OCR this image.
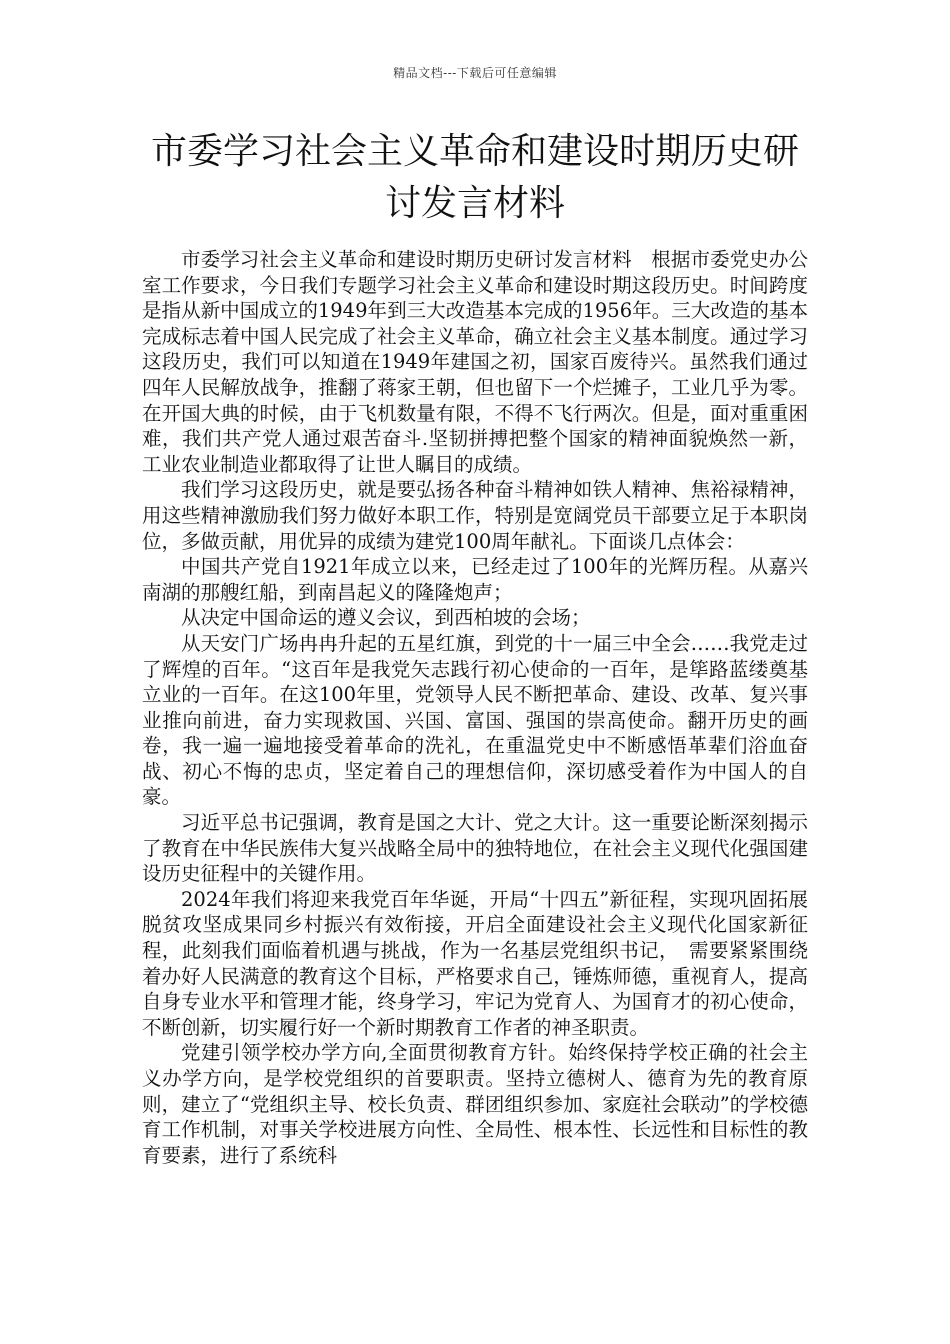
精品文档---下载后可任意编辑
市委学习社会主义革命和建设时期历史研讨发言材料

市委学习社会主义革命和建设时期历史研讨发言材料　根据市委党史办公室工作要求，今日我们专题学习社会主义革命和建设时期这段历史。时间跨度是指从新中国成立的1949年到三大改造基本完成的1956年。三大改造的基本完成标志着中国人民完成了社会主义革命，确立社会主义基本制度。通过学习这段历史，我们可以知道在1949年建国之初，国家百废待兴。虽然我们通过四年人民解放战争，推翻了蒋家王朝，但也留下一个烂摊子，工业几乎为零。在开国大典的时候，由于飞机数量有限，不得不飞行两次。但是，面对重重困难，我们共产党人通过艰苦奋斗.坚韧拼搏把整个国家的精神面貌焕然一新，工业农业制造业都取得了让世人瞩目的成绩。

我们学习这段历史，就是要弘扬各种奋斗精神如铁人精神、焦裕禄精神，用这些精神激励我们努力做好本职工作，特别是宽阔党员干部要立足于本职岗位，多做贡献，用优异的成绩为建党100周年献礼。下面谈几点体会：

中国共产党自1921年成立以来，已经走过了100年的光辉历程。从嘉兴南湖的那艘红船，到南昌起义的隆隆炮声；

从决定中国命运的遵义会议，到西柏坡的会场；

从天安门广场冉冉升起的五星红旗，到党的十一届三中全会……我党走过了辉煌的百年。“这百年是我党矢志践行初心使命的一百年，是筚路蓝缕奠基立业的一百年。在这100年里，党领导人民不断把革命、建设、改革、复兴事业推向前进，奋力实现救国、兴国、富国、强国的崇高使命。翻开历史的画卷，我一遍一遍地接受着革命的洗礼，在重温党史中不断感悟革辈们浴血奋战、初心不悔的忠贞，坚定着自己的理想信仰，深切感受着作为中国人的自豪。

习近平总书记强调，教育是国之大计、党之大计。这一重要论断深刻揭示了教育在中华民族伟大复兴战略全局中的独特地位，在社会主义现代化强国建设历史征程中的关键作用。

2024年我们将迎来我党百年华诞，开局“十四五”新征程，实现巩固拓展脱贫攻坚成果同乡村振兴有效衔接，开启全面建设社会主义现代化国家新征程，此刻我们面临着机遇与挑战，作为一名基层党组织书记，　需要紧紧围绕着办好人民满意的教育这个目标，严格要求自己，锤炼师德，重视育人，提高自身专业水平和管理才能，终身学习，牢记为党育人、为国育才的初心使命，不断创新，切实履行好一个新时期教育工作者的神圣职责。

党建引领学校办学方向,全面贯彻教育方针。始终保持学校正确的社会主义办学方向，是学校党组织的首要职责。坚持立德树人、德育为先的教育原则，建立了“党组织主导、校长负责、群团组织参加、家庭社会联动”的学校德育工作机制，对事关学校进展方向性、全局性、根本性、长远性和目标性的教育要素，进行了系统科
